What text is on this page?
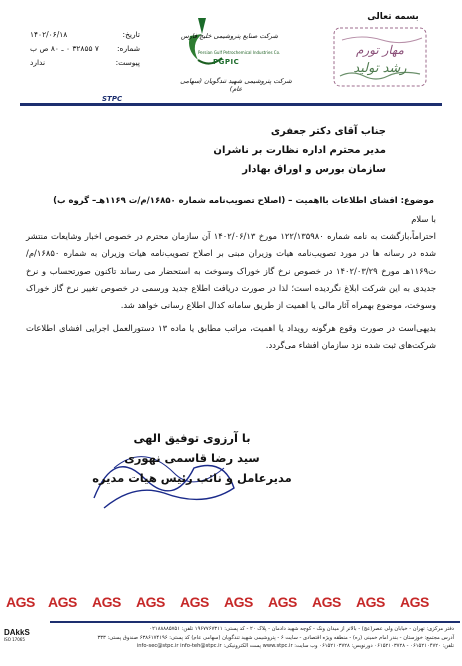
تاریخ:
۱۴۰۲/۰۶/۱۸
شماره:
۷ ۳۲۸۵۵ ۰ ـ ۸۰ ص ب
پیوست:
ندارد
شرکت صنایع پتروشیمی خلیج فارس
Persian Gulf Petrochemical Industries Co.
PGPIC
شرکت پتروشیمی شهید تندگویان (سهامی عام)
بسمه تعالی
مهار تورم
رشد تولید
STPC
جناب آقای دکتر جعفری
مدیر محترم اداره نظارت بر ناشران
سازمان بورس و اوراق بهادار
موضوع: افشای اطلاعات بااهمیت – (اصلاح تصویب‌نامه شماره ۱۶۸۵۰/م/ت ۱۱۶۹هـ– گروه ب)

با سلام

احتراماً،بازگشت به نامه شماره ۱۲۲/۱۳۵۹۸۰ مورخ ۱۴۰۲/۰۶/۱۳ آن سازمان محترم در خصوص اخبار وشایعات منتشر شده در رسانه ها در مورد تصویب‌نامه هیات وزیران مبنی بر اصلاح تصویب‌نامه هیات وزیران به شماره ۱۶۸۵۰/م/ت۱۱۶۹هـ مورخ ۱۴۰۲/۰۳/۲۹ در خصوص نرخ گاز خوراک وسوخت به استحضار می رساند تاکنون صورتحساب و نرخ جدیدی به این شرکت ابلاغ نگردیده است؛ لذا در صورت دریافت اطلاع جدید ورسمی در خصوص تغییر نرخ گاز خوراک وسوخت، موضوع بهمراه آثار مالی یا اهمیت از طریق سامانه کدال اطلاع رسانی خواهد شد.

بدیهی‌است در صورت وقوع هرگونه رویداد یا اهمیت، مراتب مطابق یا ماده ۱۳ دستورالعمل اجرایی افشای اطلاعات شرکت‌های ثبت شده نزد سازمان افشاء می‌گردد.

با آرزوی توفیق الهی
سید رضا قاسمی نهوری
مدیرعامل و نائب رئیس هیات مدیره
AGS AGS AGS AGS AGS AGS AGS AGS AGS AGS
DAkkS
ISO 17065
دفتر مرکزی: تهران - خیابان ولی عصر(عج) - بالاتر از میدان ونک - کوچه شهید دادمان - پلاک ۲۰ - کد پستی: ۱۹۶۷۷۶۷۳۱۱ تلفن: ۰۲۱۸۸۸۸۵۷۵۱
آدرس مجتمع: خوزستان - بندر امام خمینی (ره) - منطقه ویژه اقتصادی - سایت ۶ - پتروشیمی شهید تندگویان (سهامی عام) کد پستی: ۶۳۸۶۱۷۴۱۹۶ صندوق پستی: ۳۳۳
تلفن: ۰۶۱۵۲۱۰۴۷۲۰ - ۰۶۱۵۲۱۰۳۷۲۸ دورنویس: ۰۶۱۵۲۱۰۳۷۲۸ وب سایت: www.stpc.ir پست الکترونیکی: info-sec@stpc.ir info-teh@stpc.ir
